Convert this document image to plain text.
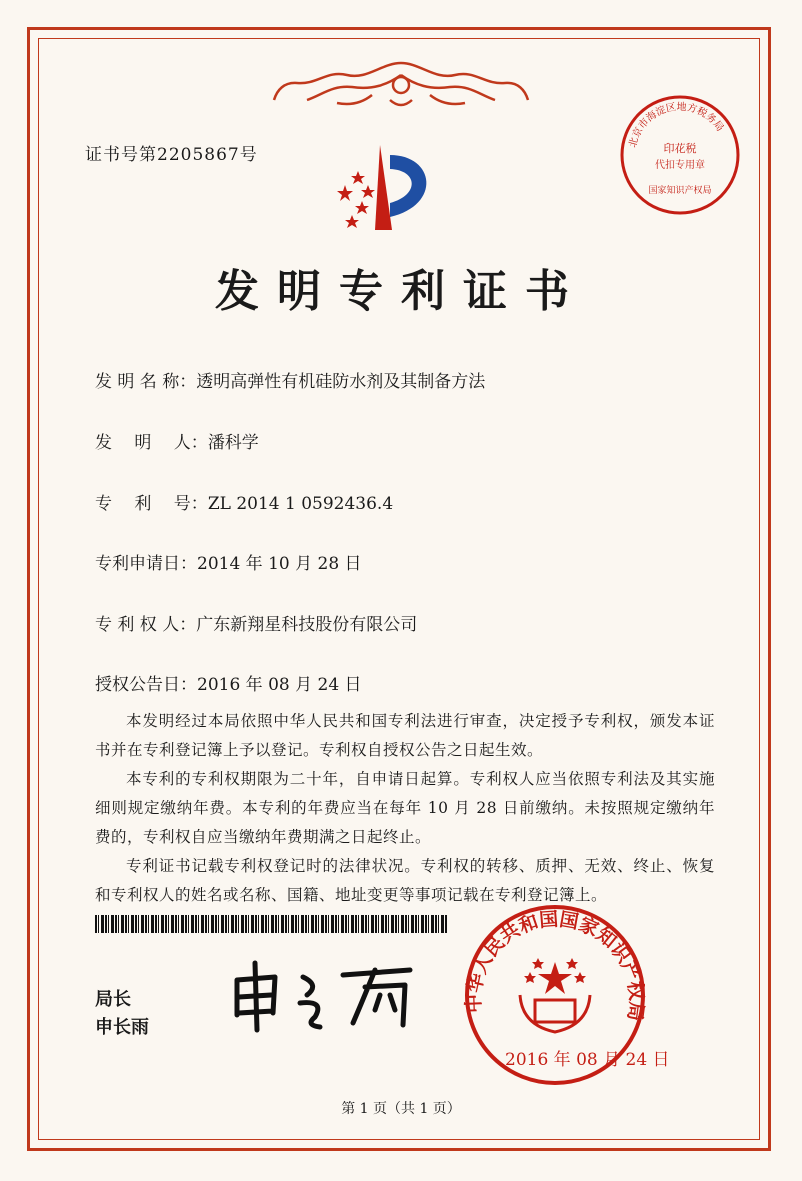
证书号第2205867号
北京市海淀区地方税务局
印花税
代扣专用章
国家知识产权局
发明专利证书
发 明 名 称：透明高弹性有机硅防水剂及其制备方法
发　 明　 人：潘科学
专　 利　 号：ZL 2014 1 0592436.4
专利申请日：2014 年 10 月 28 日
专 利 权 人：广东新翔星科技股份有限公司
授权公告日：2016 年 08 月 24 日

本发明经过本局依照中华人民共和国专利法进行审查，决定授予专利权，颁发本证书并在专利登记簿上予以登记。专利权自授权公告之日起生效。

本专利的专利权期限为二十年，自申请日起算。专利权人应当依照专利法及其实施细则规定缴纳年费。本专利的年费应当在每年 10 月 28 日前缴纳。未按照规定缴纳年费的，专利权自应当缴纳年费期满之日起终止。

专利证书记载专利权登记时的法律状况。专利权的转移、质押、无效、终止、恢复和专利权人的姓名或名称、国籍、地址变更等事项记载在专利登记簿上。

局长
申长雨
中华人民共和国国家知识产权局
2016 年 08 月 24 日
第 1 页（共 1 页）
